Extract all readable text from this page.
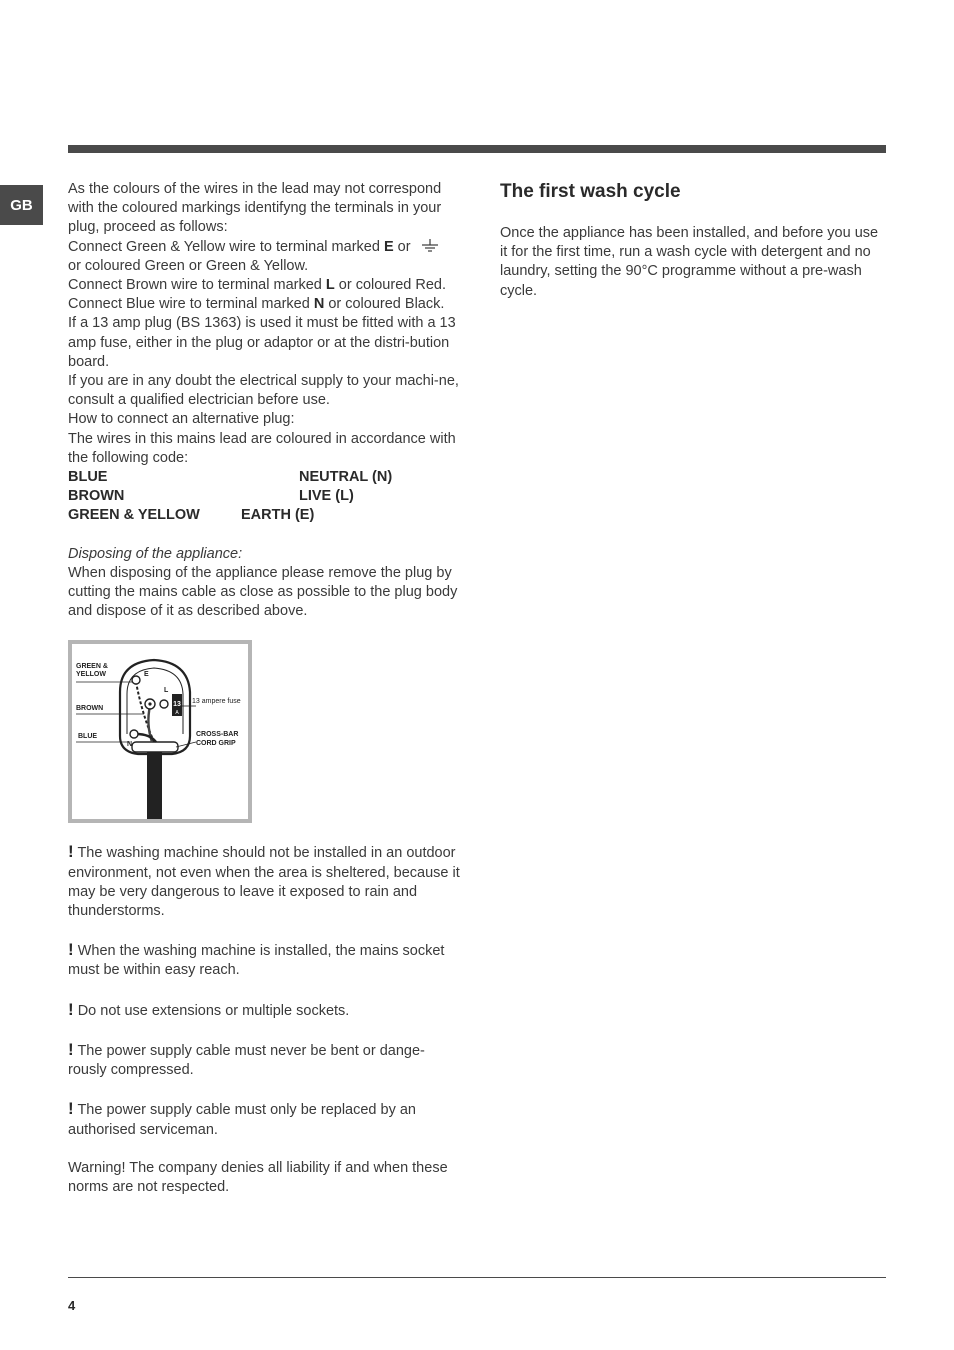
GB

As the colours of the wires in the lead may not correspond with the coloured markings identifyng the terminals in your plug, proceed as follows:

Connect Green & Yellow wire to terminal marked E or
or coloured Green or Green & Yellow.

Connect Brown wire to terminal marked L or coloured Red.

Connect Blue wire to terminal marked N or coloured Black.

If a 13 amp plug (BS 1363) is used it must be fitted with a 13 amp fuse, either in the plug or adaptor or at the distri-bution board.

If you are in any doubt the electrical supply to your machi-ne, consult a qualified electrician before use.

How to connect an alternative plug:

The wires in this mains lead are coloured in accordance with the following code:

BLUE	NEUTRAL (N)
BROWN	LIVE (L)
GREEN & YELLOW	EARTH (E)

Disposing of the appliance:

When disposing of the appliance please remove the plug by cutting the mains cable as close as possible to the plug body and dispose of it as described above.

13
A
E
L
N
GREEN &
YELLOW
BROWN
BLUE
13 ampere fuse
CROSS-BAR
CORD GRIP

! The washing machine should not be installed in an outdoor environment, not even when the area is sheltered, because it may be very dangerous to leave it exposed to rain and thunderstorms.

! When the washing machine is installed, the mains socket must be within easy reach.

! Do not use extensions or multiple sockets.

! The power supply cable must never be bent or dange-rously compressed.

! The power supply cable must only be replaced by an authorised serviceman.

Warning! The company denies all liability if and when these norms are not respected.

The first wash cycle

Once the appliance has been installed, and before you use it for the first time, run a wash cycle with detergent and no laundry, setting the 90°C programme without a pre-wash cycle.

4
